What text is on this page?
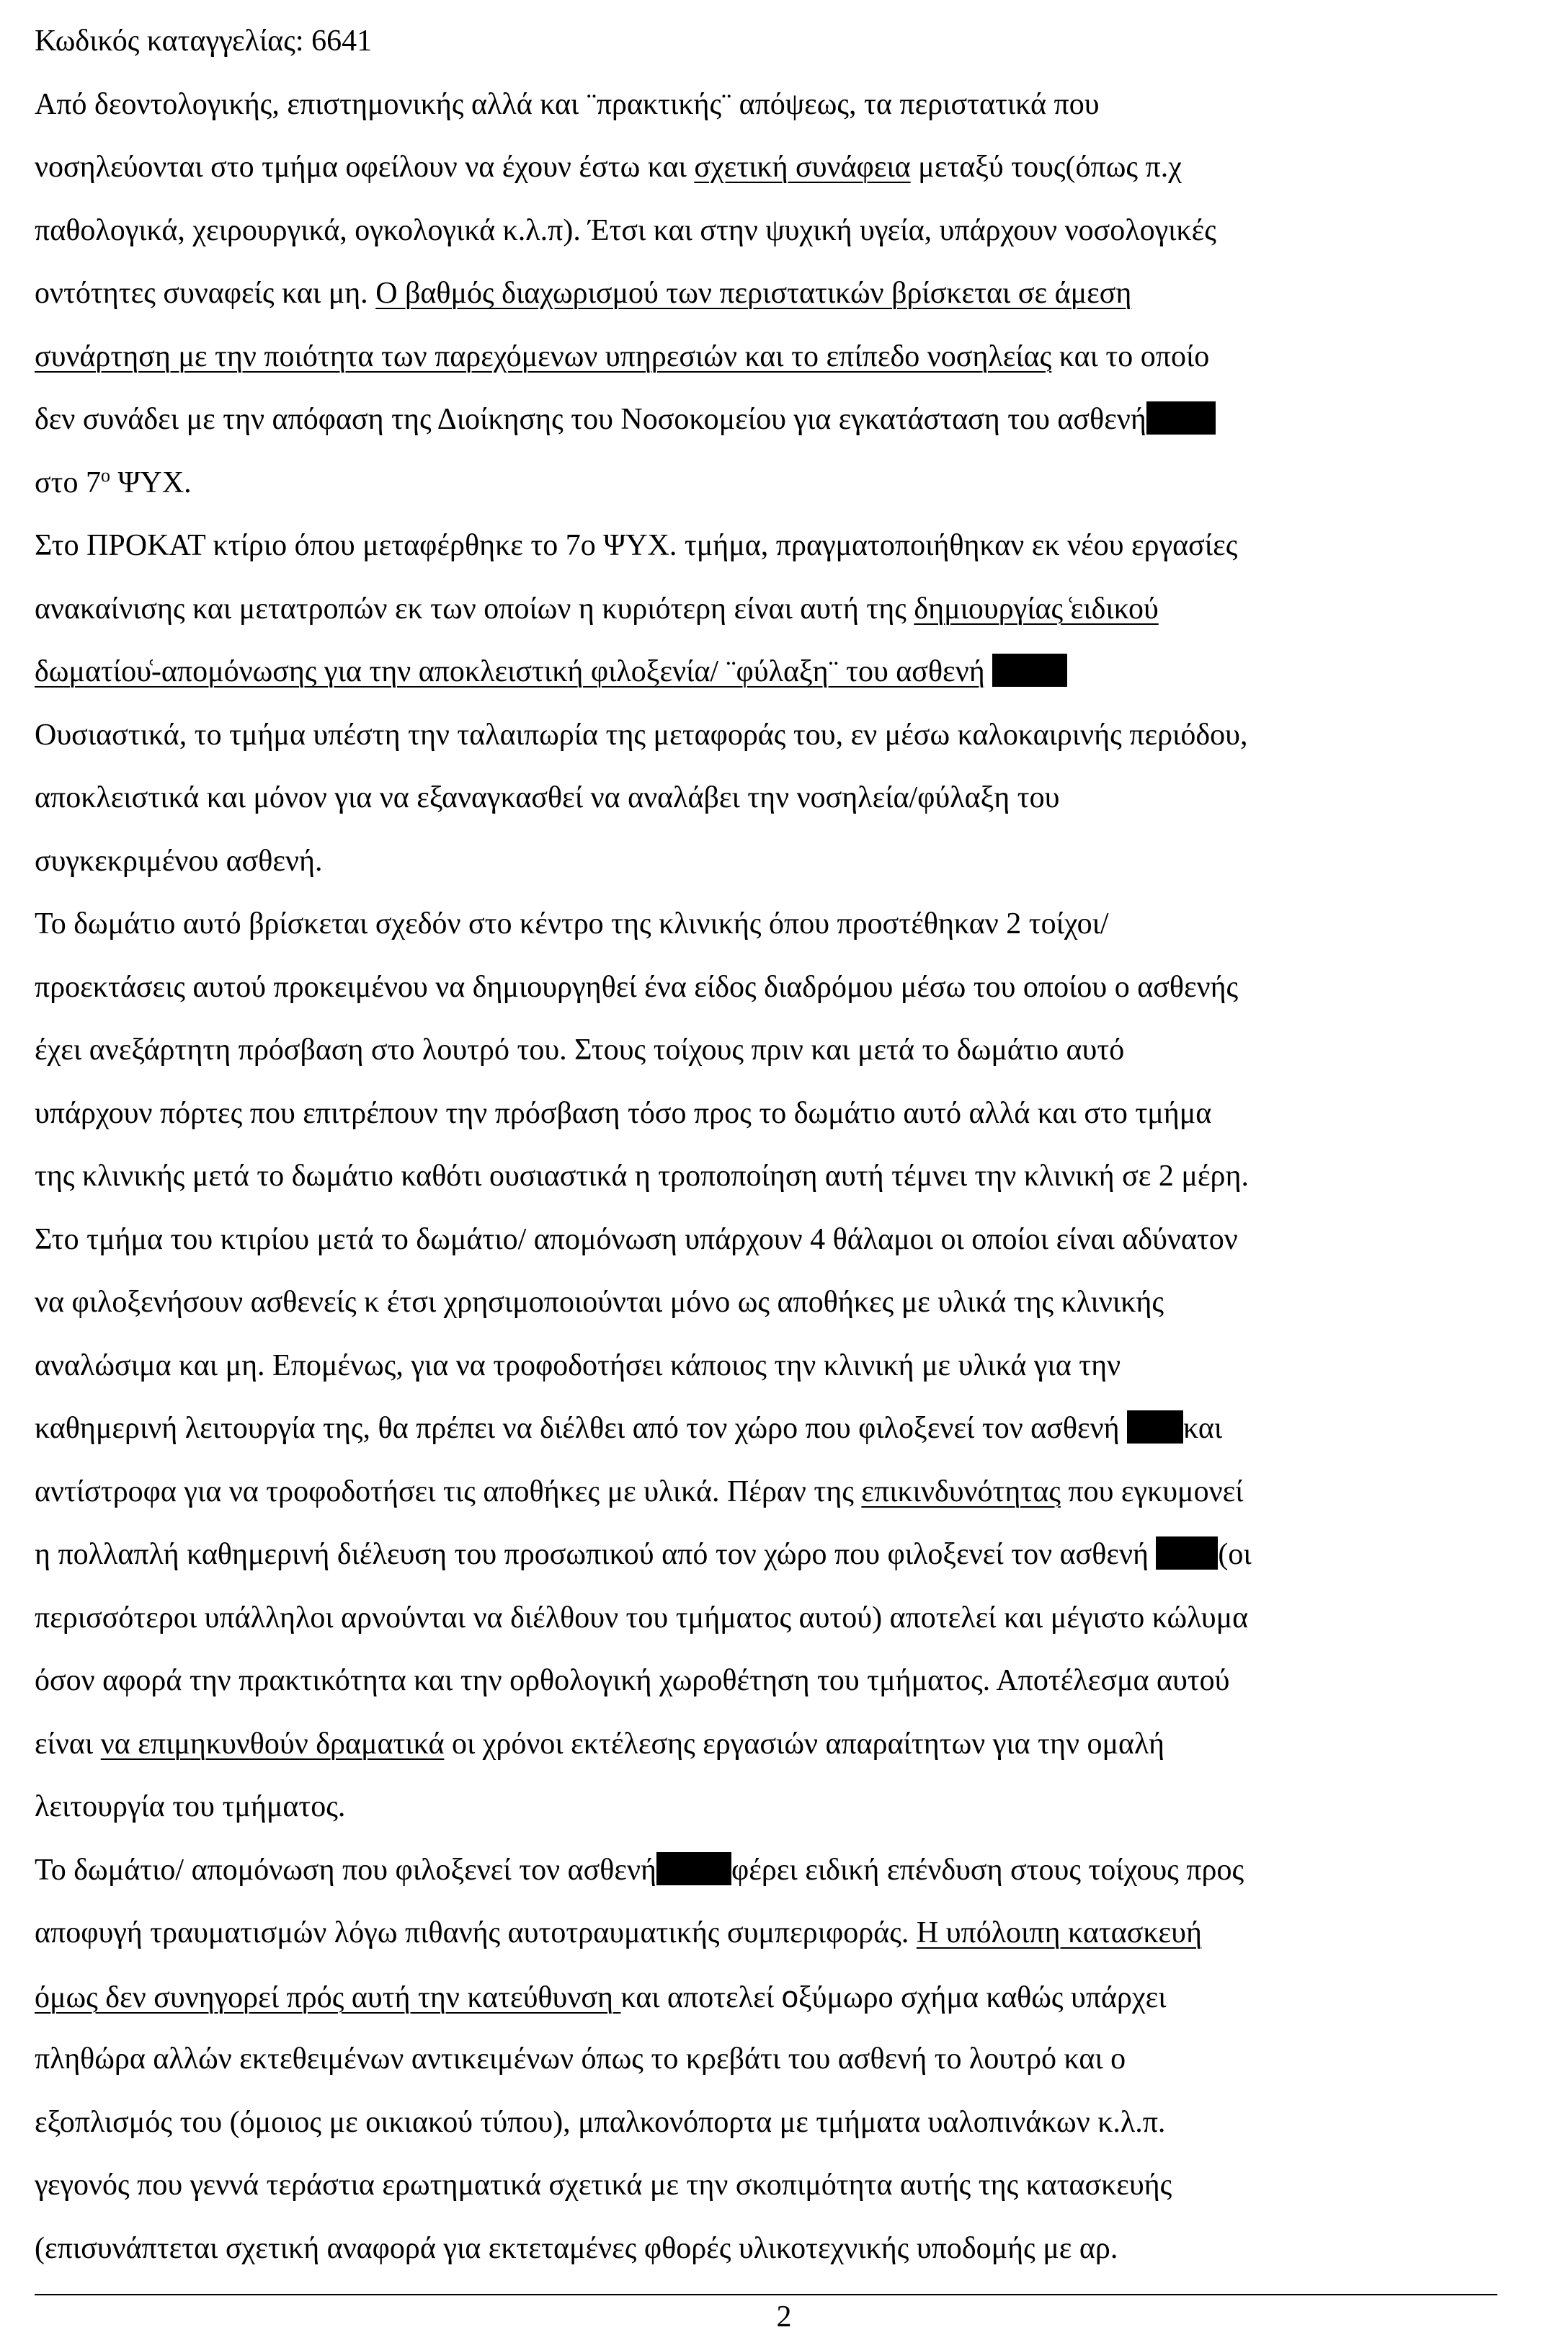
Κωδικός καταγγελίας: 6641
Από δεοντολογικής, επιστημονικής αλλά και ¨πρακτικής¨ απόψεως, τα περιστατικά που
νοσηλεύονται στο τμήμα οφείλουν να έχουν έστω και σχετική συνάφεια μεταξύ τους(όπως π.χ
παθολογικά, χειρουργικά, ογκολογικά κ.λ.π). Έτσι και στην ψυχική υγεία, υπάρχουν νοσολογικές
οντότητες συναφείς και μη. Ο βαθμός διαχωρισμού των περιστατικών βρίσκεται σε άμεση
συνάρτηση με την ποιότητα των παρεχόμενων υπηρεσιών και το επίπεδο νοσηλείας και το οποίο
δεν συνάδει με την απόφαση της Διοίκησης του Νοσοκομείου για εγκατάσταση του ασθενή
στο $7^o$ ΨΥΧ.
Στο ΠΡΟΚΑΤ κτίριο όπου μεταφέρθηκε το 7ο ΨΥΧ. τμήμα, πραγματοποιήθηκαν εκ νέου εργασίες
ανακαίνισης και μετατροπών εκ των οποίων η κυριότερη είναι αυτή της δημιουργίας ͑ειδικού
δωματίου͑-απομόνωσης για την αποκλειστική φιλοξενία/ ¨φύλαξη¨ του ασθενή
Ουσιαστικά, το τμήμα υπέστη την ταλαιπωρία της μεταφοράς του, εν μέσω καλοκαιρινής περιόδου,
αποκλειστικά και μόνον για να εξαναγκασθεί να αναλάβει την νοσηλεία/φύλαξη του
συγκεκριμένου ασθενή.
Το δωμάτιο αυτό βρίσκεται σχεδόν στο κέντρο της κλινικής όπου προστέθηκαν 2 τοίχοι/
προεκτάσεις αυτού προκειμένου να δημιουργηθεί ένα είδος διαδρόμου μέσω του οποίου ο ασθενής
έχει ανεξάρτητη πρόσβαση στο λουτρό του. Στους τοίχους πριν και μετά το δωμάτιο αυτό
υπάρχουν πόρτες που επιτρέπουν την πρόσβαση τόσο προς το δωμάτιο αυτό αλλά και στο τμήμα
της κλινικής μετά το δωμάτιο καθότι ουσιαστικά η τροποποίηση αυτή τέμνει την κλινική σε 2 μέρη.
Στο τμήμα του κτιρίου μετά το δωμάτιο/ απομόνωση υπάρχουν 4 θάλαμοι οι οποίοι είναι αδύνατον
να φιλοξενήσουν ασθενείς κ έτσι χρησιμοποιούνται μόνο ως αποθήκες με υλικά της κλινικής
αναλώσιμα και μη. Επομένως, για να τροφοδοτήσει κάποιος την κλινική με υλικά για την
καθημερινή λειτουργία της, θα πρέπει να διέλθει από τον χώρο που φιλοξενεί τον ασθενή και
αντίστροφα για να τροφοδοτήσει τις αποθήκες με υλικά. Πέραν της επικινδυνότητας που εγκυμονεί
η πολλαπλή καθημερινή διέλευση του προσωπικού από τον χώρο που φιλοξενεί τον ασθενή (οι
περισσότεροι υπάλληλοι αρνούνται να διέλθουν του τμήματος αυτού) αποτελεί και μέγιστο κώλυμα
όσον αφορά την πρακτικότητα και την ορθολογική χωροθέτηση του τμήματος. Αποτέλεσμα αυτού
είναι να επιμηκυνθούν δραματικά οι χρόνοι εκτέλεσης εργασιών απαραίτητων για την ομαλή
λειτουργία του τμήματος.
Το δωμάτιο/ απομόνωση που φιλοξενεί τον ασθενή φέρει ειδική επένδυση στους τοίχους προς
αποφυγή τραυματισμών λόγω πιθανής αυτοτραυματικής συμπεριφοράς. Η υπόλοιπη κατασκευή
όμως δεν συνηγορεί πρός αυτή την κατεύθυνση και αποτελεί οξύμωρο σχήμα καθώς υπάρχει
πληθώρα αλλών εκτεθειμένων αντικειμένων όπως το κρεβάτι του ασθενή το λουτρό και ο
εξοπλισμός του (όμοιος με οικιακού τύπου), μπαλκονόπορτα με τμήματα υαλοπινάκων κ.λ.π.
γεγονός που γεννά τεράστια ερωτηματικά σχετικά με την σκοπιμότητα αυτής της κατασκευής
(επισυνάπτεται σχετική αναφορά για εκτεταμένες φθορές υλικοτεχνικής υποδομής με αρ.
2
